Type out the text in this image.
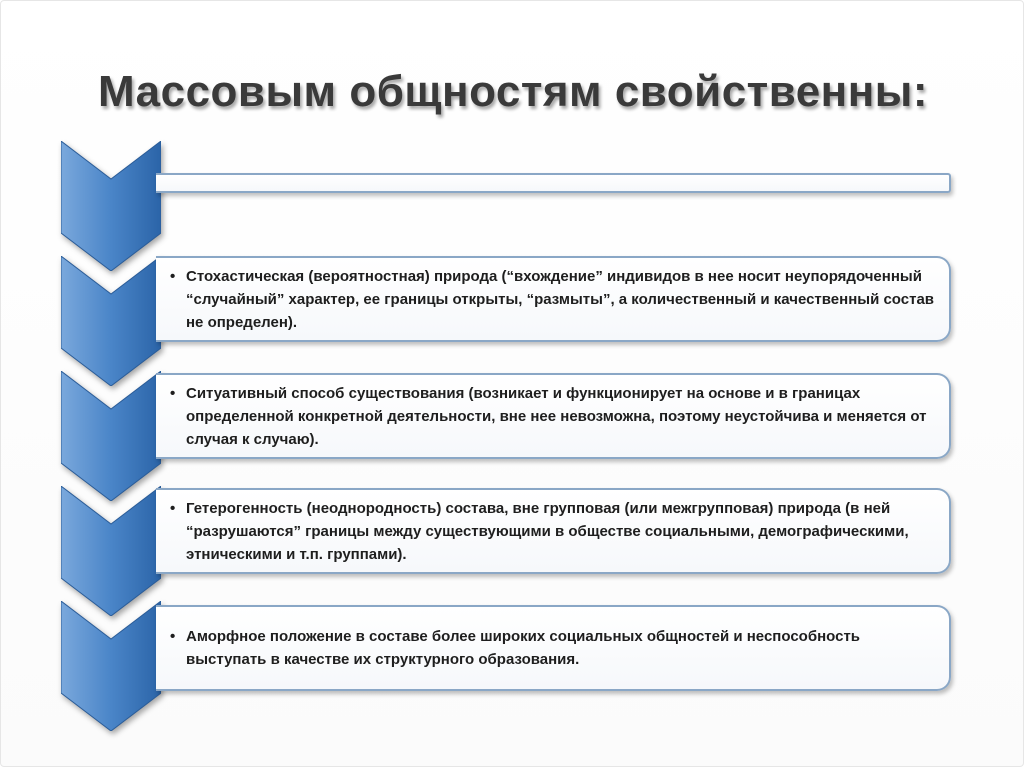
Массовым общностям свойственны:
• Стохастическая (вероятностная) природа (“вхождение” индивидов в нее носит неупорядоченный “случайный” характер, ее границы открыты, “размыты”, а количественный и качественный состав не определен).
• Ситуативный способ существования (возникает и функционирует на основе и в границах определенной конкретной деятельности, вне нее невозможна, поэтому неустойчива и меняется от случая к случаю).
• Гетерогенность (неоднородность) состава, вне групповая (или межгрупповая) природа (в ней “разрушаются” границы между существующими в обществе социальными, демографическими, этническими и т.п. группами).
• Аморфное положение в составе более широких социальных общностей и неспособность выступать в качестве их структурного образования.
